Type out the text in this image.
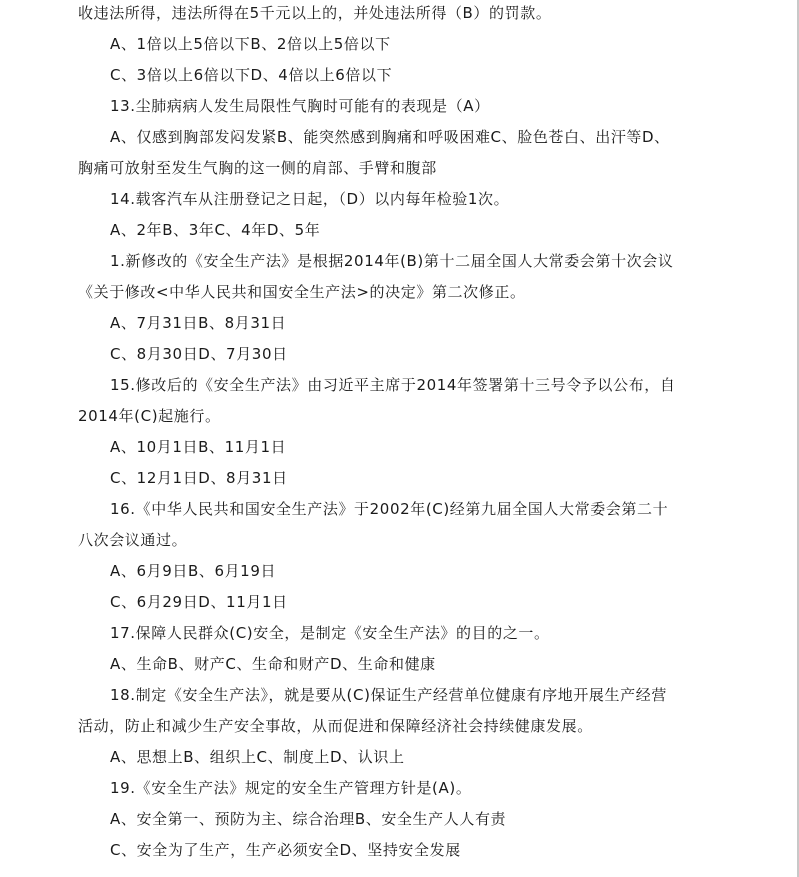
收违法所得，违法所得在5千元以上的，并处违法所得（B）的罚款。
A、1倍以上5倍以下B、2倍以上5倍以下
C、3倍以上6倍以下D、4倍以上6倍以下
13.尘肺病病人发生局限性气胸时可能有的表现是（A）
A、仅感到胸部发闷发紧B、能突然感到胸痛和呼吸困难C、脸色苍白、出汗等D、
胸痛可放射至发生气胸的这一侧的肩部、手臂和腹部
14.载客汽车从注册登记之日起，（D）以内每年检验1次。
A、2年B、3年C、4年D、5年
1.新修改的《安全生产法》是根据2014年(B)第十二届全国人大常委会第十次会议
《关于修改<中华人民共和国安全生产法>的决定》第二次修正。
A、7月31日B、8月31日
C、8月30日D、7月30日
15.修改后的《安全生产法》由习近平主席于2014年签署第十三号令予以公布，自
2014年(C)起施行。
A、10月1日B、11月1日
C、12月1日D、8月31日
16.《中华人民共和国安全生产法》于2002年(C)经第九届全国人大常委会第二十
八次会议通过。
A、6月9日B、6月19日
C、6月29日D、11月1日
17.保障人民群众(C)安全，是制定《安全生产法》的目的之一。
A、生命B、财产C、生命和财产D、生命和健康
18.制定《安全生产法》，就是要从(C)保证生产经营单位健康有序地开展生产经营
活动，防止和减少生产安全事故，从而促进和保障经济社会持续健康发展。
A、思想上B、组织上C、制度上D、认识上
19.《安全生产法》规定的安全生产管理方针是(A)。
A、安全第一、预防为主、综合治理B、安全生产人人有责
C、安全为了生产，生产必须安全D、坚持安全发展
